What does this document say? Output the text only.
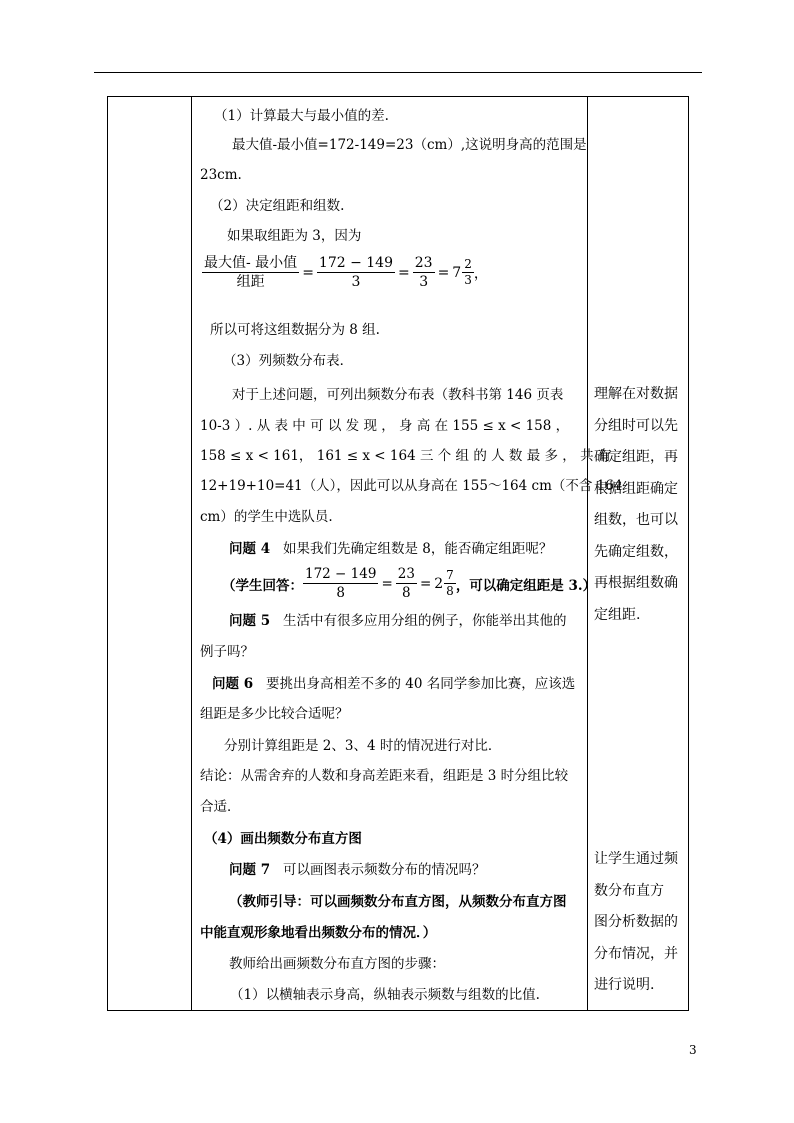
（1）计算最大与最小值的差.
最大值-最小值=172-149=23（cm）,这说明身高的范围是
23cm.
（2）决定组距和组数.
如果取组距为 3，因为
$\frac{\text{最大值- 最小值}}{\text{组距}} = \frac{172 - 149}{3} = \frac{23}{3} = 7 \frac{2}{3}$ ，
所以可将这组数据分为 8 组.
（3）列频数分布表．
对于上述问题，可列出频数分布表（教科书第 146 页表
10-3 ）. 从 表 中 可 以 发 现 ， 身 高 在 155 ≤ x < 158 ，
158 ≤ x < 161， 161 ≤ x < 164 三 个 组 的 人 数 最 多 ， 共 有
12+19+10=41（人），因此可以从身高在 155～164 cm（不含 164
cm）的学生中选队员.
问题 4 如果我们先确定组数是 8，能否确定组距呢？
（学生回答： $\frac{172 - 149}{8} = \frac{23}{8} = 2 \frac{7}{8}$ ，可以确定组距是 3.）
问题 5 生活中有很多应用分组的例子，你能举出其他的
例子吗？
问题 6 要挑出身高相差不多的 40 名同学参加比赛，应该选
组距是多少比较合适呢？
分别计算组距是 2、3、4 时的情况进行对比．
结论：从需舍弃的人数和身高差距来看，组距是 3 时分组比较
合适．
（4）画出频数分布直方图
问题 7 可以画图表示频数分布的情况吗？
（教师引导：可以画频数分布直方图，从频数分布直方图
中能直观形象地看出频数分布的情况．）
教师给出画频数分布直方图的步骤：
（1）以横轴表示身高，纵轴表示频数与组数的比值.
理解在对数据
分组时可以先
确定组距，再
根据组距确定
组数，也可以
先确定组数，
再根据组数确
定组距.
让学生通过频
数分布直方
图分析数据的
分布情况，并
进行说明.
3
